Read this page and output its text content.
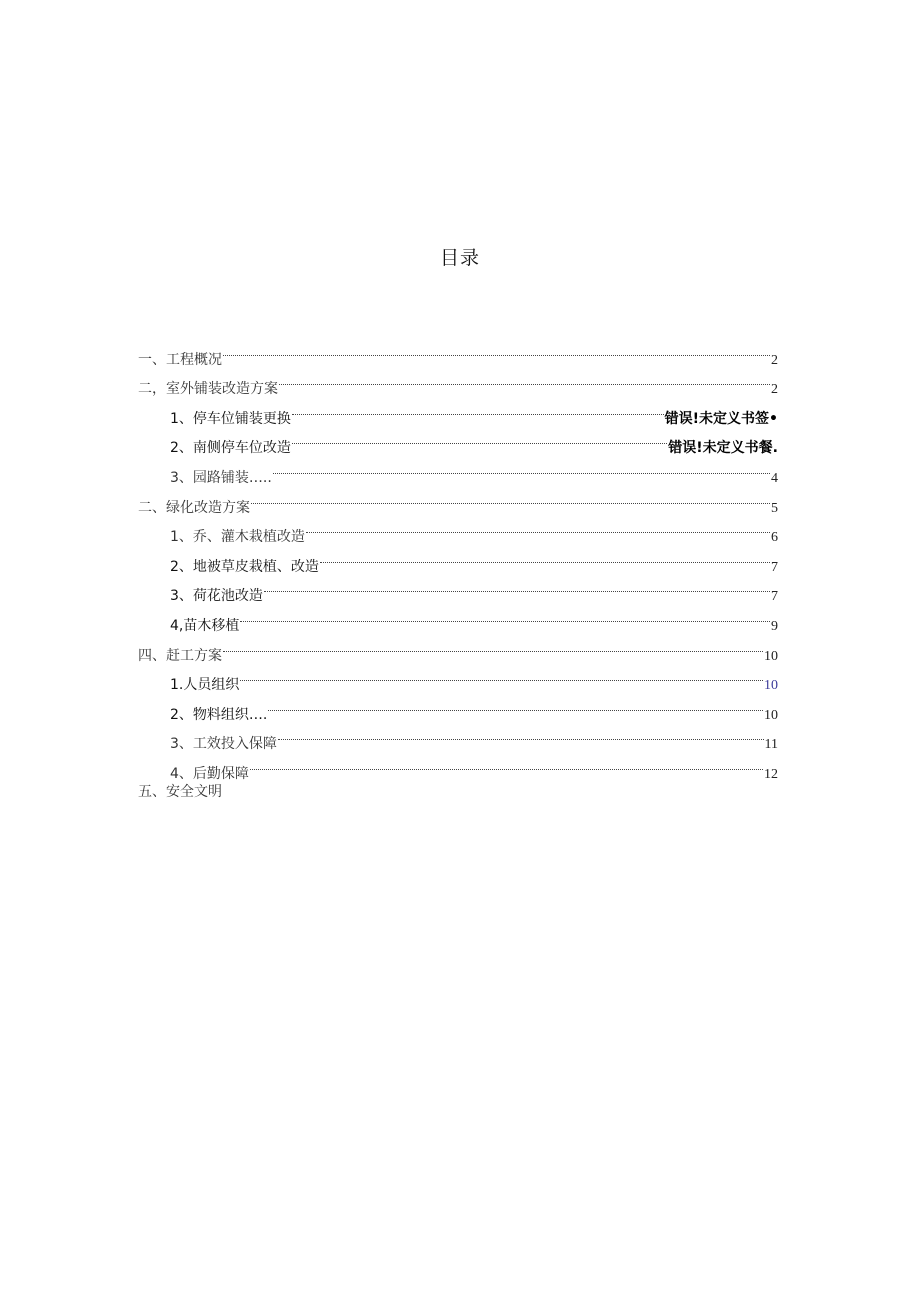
目录
一、工程概况	2
二，室外铺装改造方案	2
1、停车位铺装更换	错误!未定义书签•
2、南侧停车位改造	错误!未定义书餐.
3、园路铺装…..	4
二、绿化改造方案	5
1、乔、灌木栽植改造	6
2、地被草皮栽植、改造	7
3、荷花池改造	7
4,苗木移植	9
四、赶工方案	10
1.人员组织	10
2、物料组织….	10
3、工效投入保障	11
4、后勤保障	12
五、安全文明
